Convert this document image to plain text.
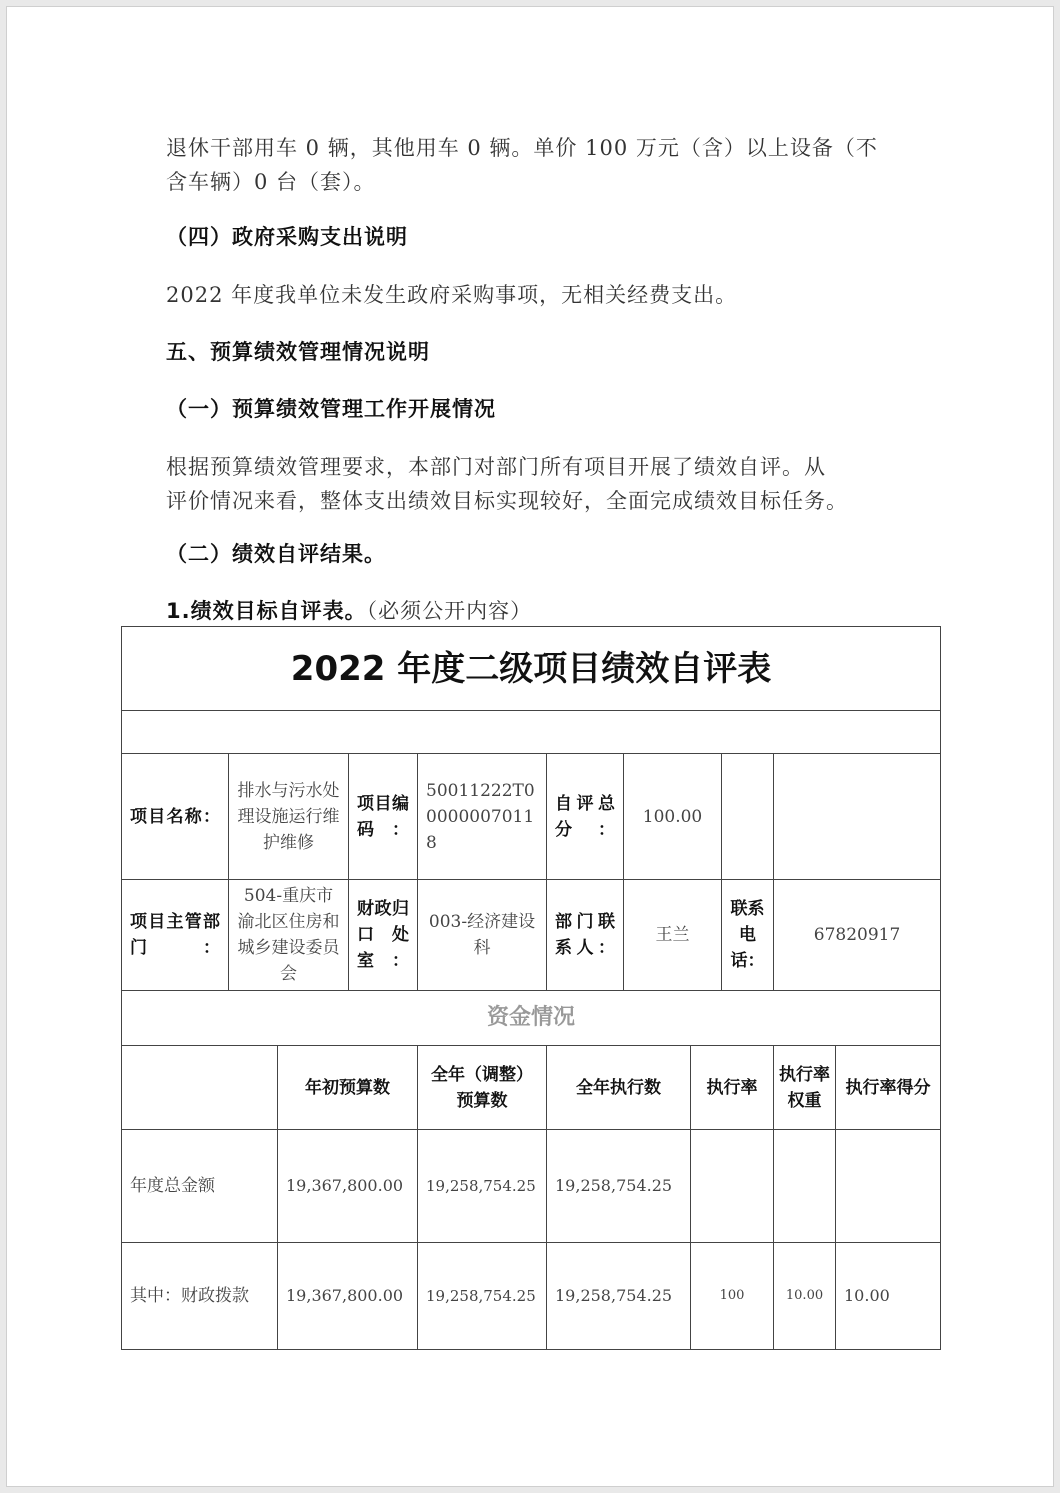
退休干部用车 0 辆，其他用车 0 辆。单价 100 万元（含）以上设备（不
含车辆）0 台（套）。
（四）政府采购支出说明
2022 年度我单位未发生政府采购事项，无相关经费支出。
五、预算绩效管理情况说明
（一）预算绩效管理工作开展情况
根据预算绩效管理要求，本部门对部门所有项目开展了绩效自评。从
评价情况来看，整体支出绩效目标实现较好，全面完成绩效目标任务。
（二）绩效自评结果。
1.绩效目标自评表。（必须公开内容）
2022 年度二级项目绩效自评表										

项目名称：	排水与污水处理设施运行维护维修		项目编码：	50011222T000000070118	自评总分：	100.00				
项目主管部门：	504-重庆市渝北区住房和城乡建设委员会		财政归口处室：	003-经济建设科	部门联系人：	王兰		联系电话：	67820917	
资金情况										
		年初预算数		全年（调整）预算数	全年执行数		执行率		执行率权重	执行率得分
年度总金额		19,367,800.00		19,258,754.25	19,258,754.25					
其中：财政拨款		19,367,800.00		19,258,754.25	19,258,754.25		100		10.00	10.00
